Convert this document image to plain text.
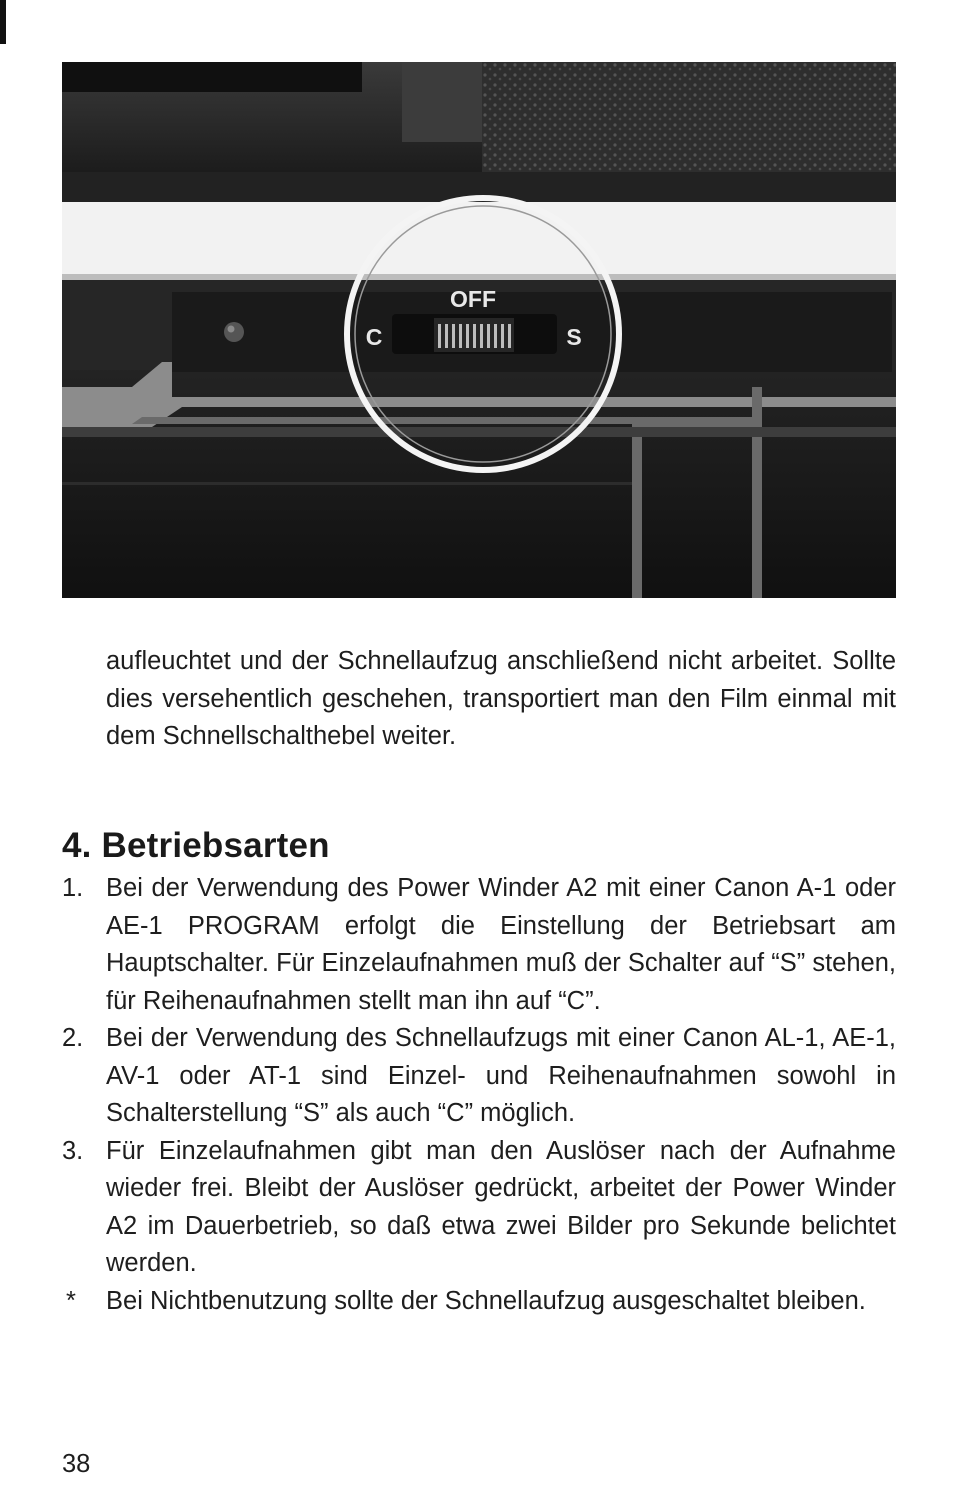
OFF
C	S
aufleuchtet und der Schnellaufzug anschließend nicht arbeitet. Sollte dies versehentlich geschehen, transportiert man den Film einmal mit dem Schnellschalthebel weiter.
4. Betriebsarten
1. Bei der Verwendung des Power Winder A2 mit einer Canon A-1 oder AE-1 PROGRAM erfolgt die Einstellung der Betriebsart am Hauptschalter. Für Einzelaufnahmen muß der Schalter auf “S” stehen, für Reihenaufnahmen stellt man ihn auf “C”.
2. Bei der Verwendung des Schnellaufzugs mit einer Canon AL-1, AE-1, AV-1 oder AT-1 sind Einzel- und Reihenaufnahmen sowohl in Schalterstellung “S” als auch “C” möglich.
3. Für Einzelaufnahmen gibt man den Auslöser nach der Aufnahme wieder frei. Bleibt der Auslöser gedrückt, arbeitet der Power Winder A2 im Dauerbetrieb, so daß etwa zwei Bilder pro Sekunde belichtet werden.
* Bei Nichtbenutzung sollte der Schnellaufzug ausgeschaltet bleiben.
38
